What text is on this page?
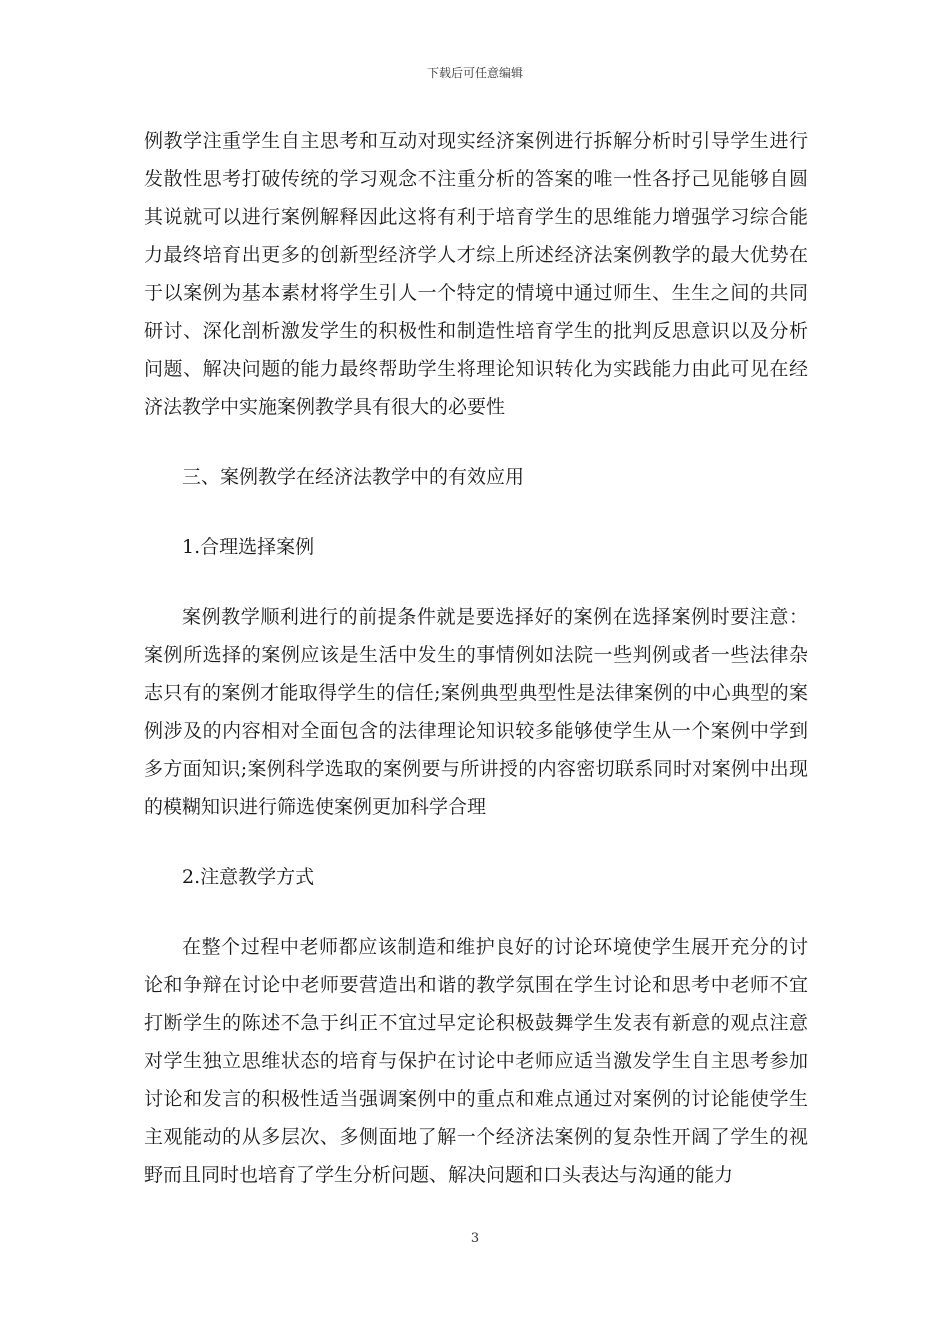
下载后可任意编辑
例教学注重学生自主思考和互动对现实经济案例进行拆解分析时引导学生进行
发散性思考打破传统的学习观念不注重分析的答案的唯一性各抒己见能够自圆
其说就可以进行案例解释因此这将有利于培育学生的思维能力增强学习综合能
力最终培育出更多的创新型经济学人才综上所述经济法案例教学的最大优势在
于以案例为基本素材将学生引人一个特定的情境中通过师生、生生之间的共同
研讨、深化剖析激发学生的积极性和制造性培育学生的批判反思意识以及分析
问题、解决问题的能力最终帮助学生将理论知识转化为实践能力由此可见在经
济法教学中实施案例教学具有很大的必要性
三、案例教学在经济法教学中的有效应用
1.合理选择案例
案例教学顺利进行的前提条件就是要选择好的案例在选择案例时要注意：
案例所选择的案例应该是生活中发生的事情例如法院一些判例或者一些法律杂
志只有的案例才能取得学生的信任;案例典型典型性是法律案例的中心典型的案
例涉及的内容相对全面包含的法律理论知识较多能够使学生从一个案例中学到
多方面知识;案例科学选取的案例要与所讲授的内容密切联系同时对案例中出现
的模糊知识进行筛选使案例更加科学合理
2.注意教学方式
在整个过程中老师都应该制造和维护良好的讨论环境使学生展开充分的讨
论和争辩在讨论中老师要营造出和谐的教学氛围在学生讨论和思考中老师不宜
打断学生的陈述不急于纠正不宜过早定论积极鼓舞学生发表有新意的观点注意
对学生独立思维状态的培育与保护在讨论中老师应适当激发学生自主思考参加
讨论和发言的积极性适当强调案例中的重点和难点通过对案例的讨论能使学生
主观能动的从多层次、多侧面地了解一个经济法案例的复杂性开阔了学生的视
野而且同时也培育了学生分析问题、解决问题和口头表达与沟通的能力
3
